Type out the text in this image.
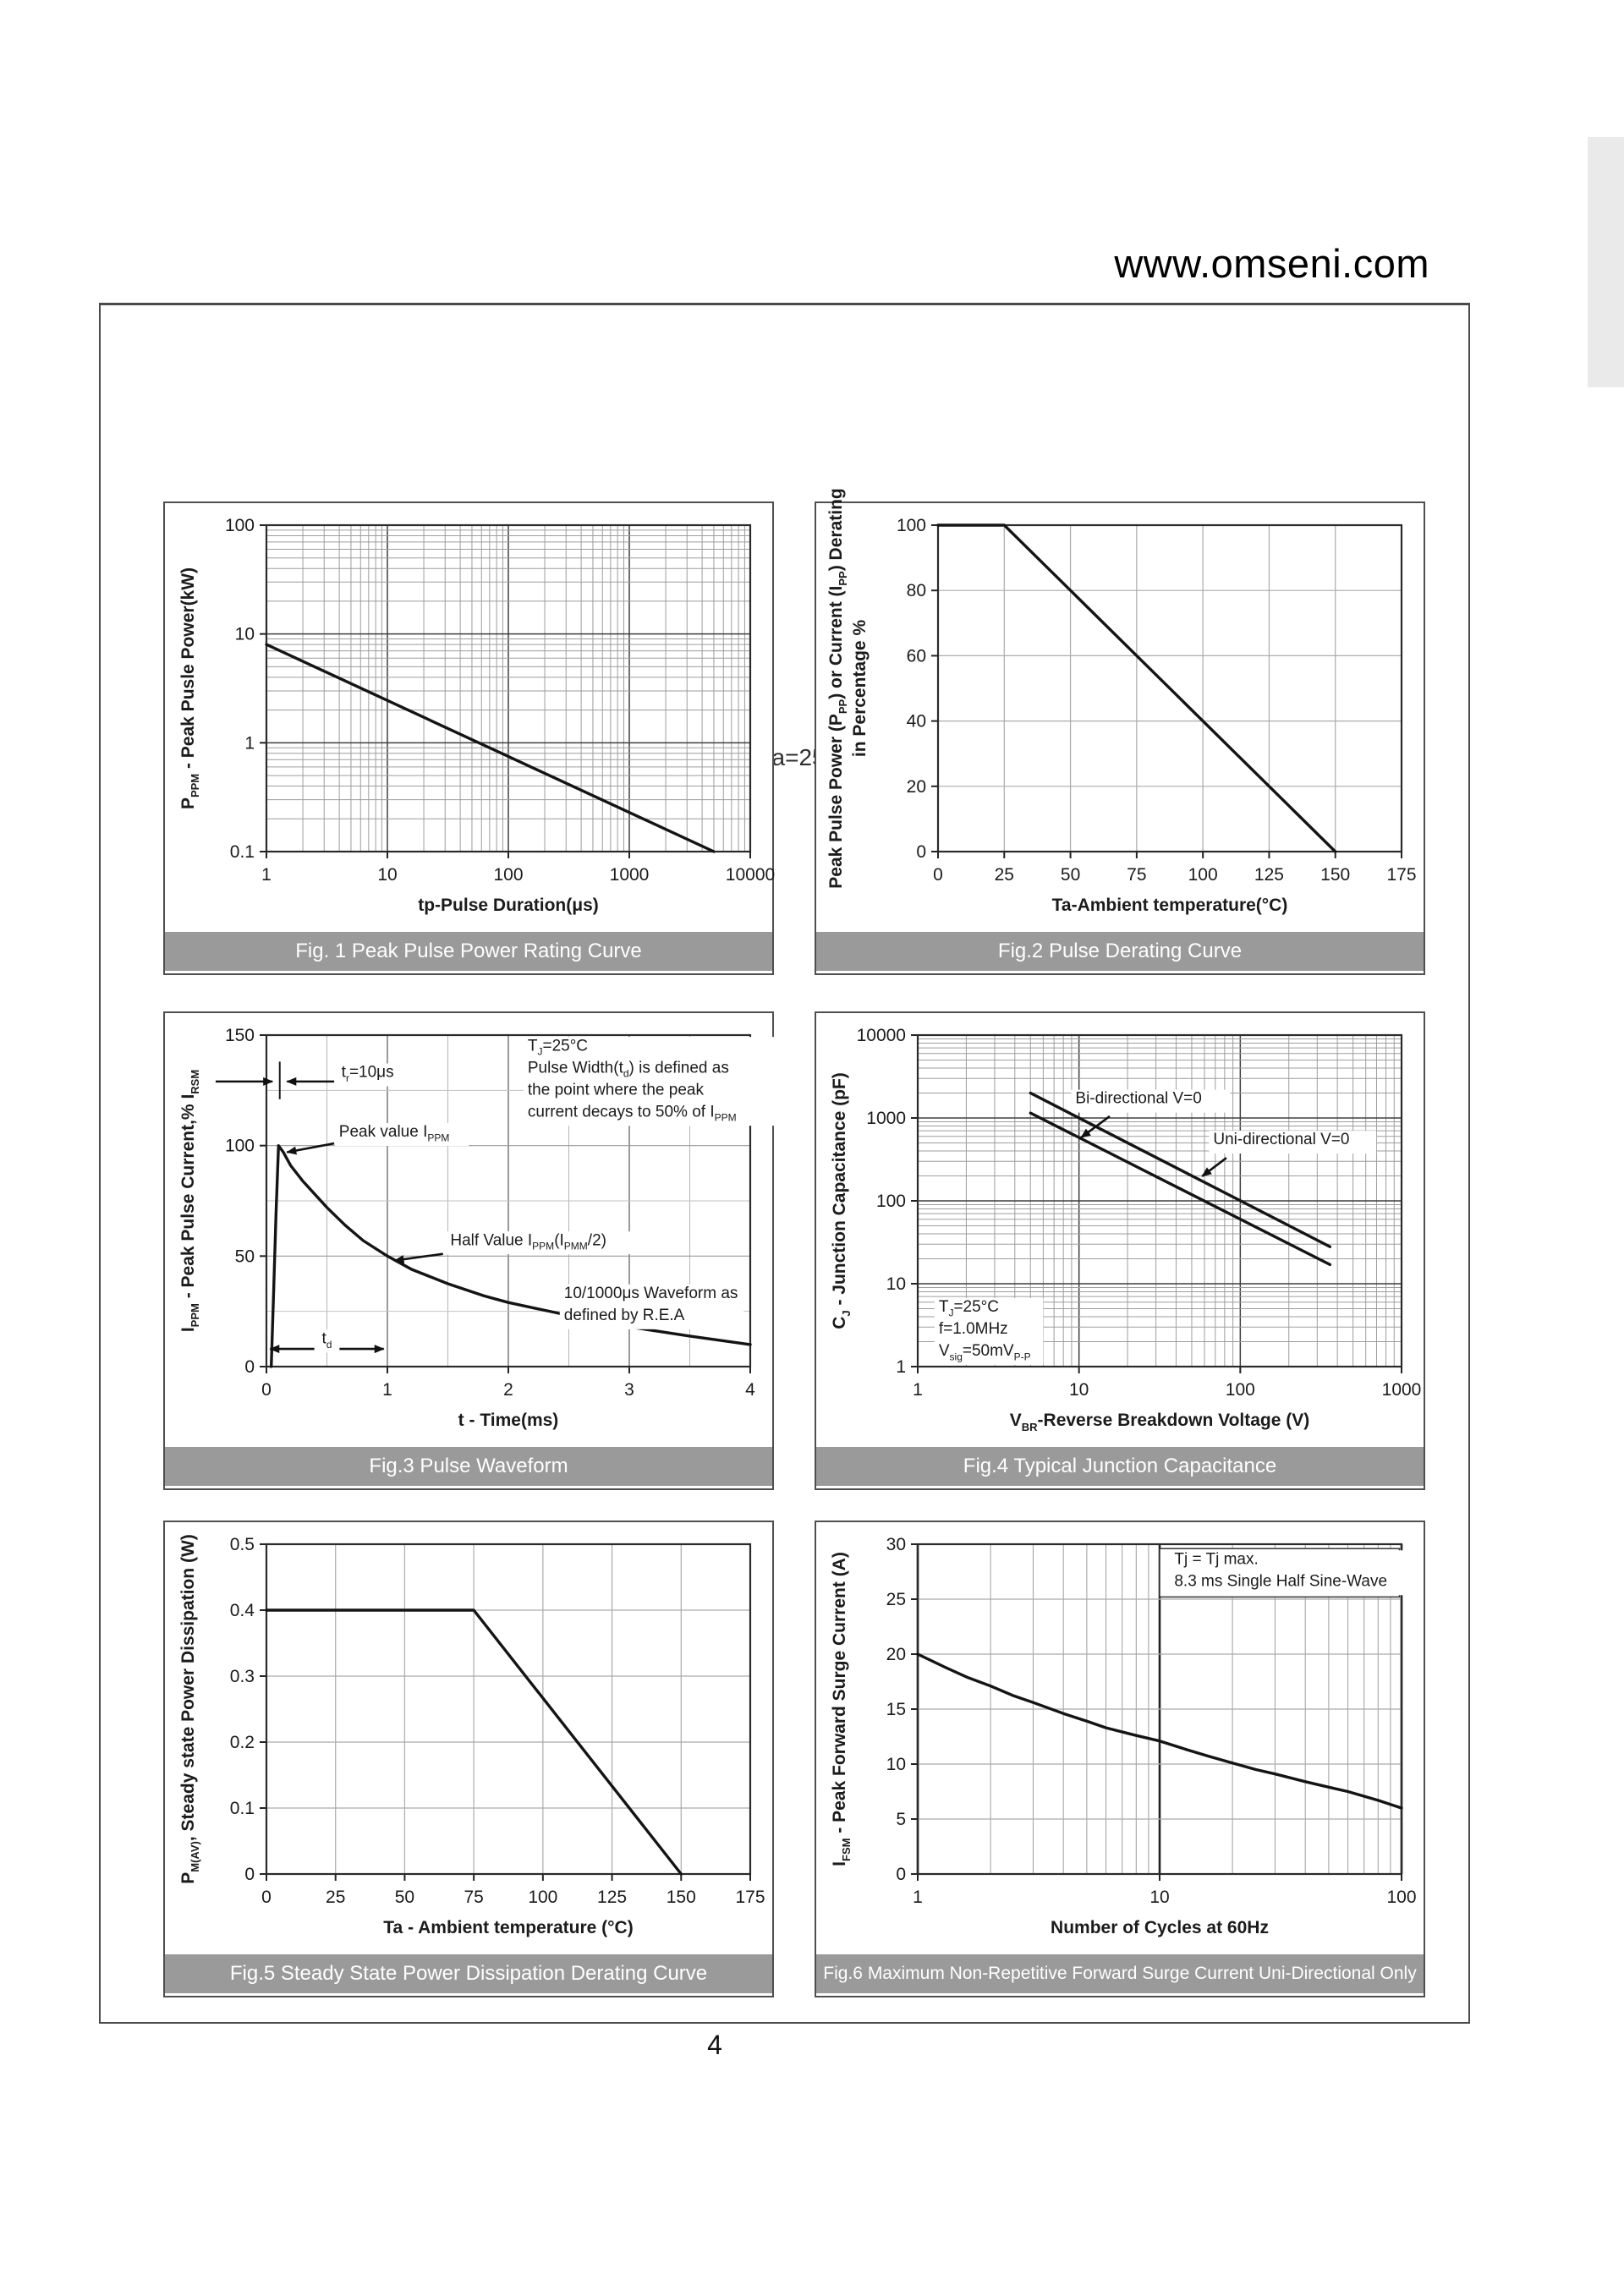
www.omseni.com
(Ta=25℃
1	10	100	1000	10000
0.1
1
10
100
tp-Pulse Duration(μs)
$P_{PPM}$ - Peak Pusle Power(kW)
Fig. 1 Peak Pulse Power Rating Curve
0	25	50	75 100 125 150 175
0
20
40
60
80
100
Ta-Ambient temperature(°C)
Peak Pulse Power $(P_{PP})$ or Current $(I_{PP})$ Derating
in Percentage %
Fig.2 Pulse Derating Curve
0	1	2	3	4
0
50
100
150
t - Time(ms)
$I_{PPM}$ - Peak Pulse Current,% $I_{RSM}$
$T_J=25^\circ C$
Pulse $Width(t_d)$ is defined as
the point where the peak
current decays to 50% of $I_{PPM}$
$t_r=10\mu s$
Peak value $I_{PPM}$
Half Value $I_{PPM}(I_{PMM}/2)$
10/1000μs Waveform as
defined by R.E.A
$t_d$
Fig.3 Pulse Waveform
1	10	100	1000
1
10
100
1000
10000
$V_{BR}$-Reverse Breakdown Voltage (V)
$C_J$ - Junction Capacitance (pF)	Bi-directional V=0
Uni-directional V=0
$T_J=25^\circ C$
f=1.0MHz
$V_{sig}=50mV_{P-P}$
Fig.4 Typical Junction Capacitance
0	25	50	75	100 125 150 175
0
0.1
0.2
0.3
0.4
0.5
Ta - Ambient temperature (°C)
$P_{M(AV)}$, Steady state Power Dissipation (W)
Fig.5 Steady State Power Dissipation Derating Curve
1	10	100
0
5
10
15
20
25
30
Number of Cycles at 60Hz
$I_{FSM}$ - Peak Forward Surge Current (A)	Tj = Tj max.
8.3 ms Single Half Sine-Wave
Fig.6 Maximum Non-Repetitive Forward Surge Current Uni-Directional Only
4
